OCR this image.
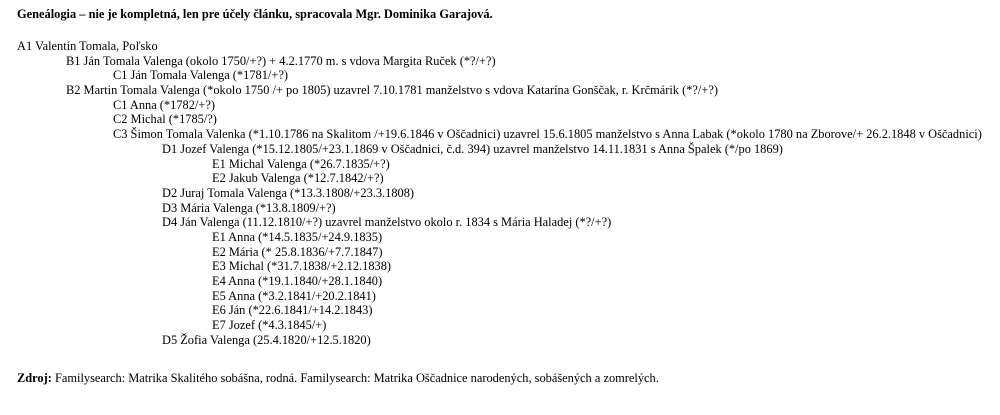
Geneálogia – nie je kompletná, len pre účely článku, spracovala Mgr. Dominika Garajová.
A1 Valentín Tomala, Poľsko
B1 Ján Tomala Valenga (okolo 1750/+?) + 4.2.1770 m. s vdova Margita Ruček (*?/+?)
C1 Ján Tomala Valenga (*1781/+?)
B2 Martin Tomala Valenga (*okolo 1750 /+ po 1805) uzavrel 7.10.1781 manželstvo s vdova Katarína Gonščak, r. Krčmárik (*?/+?)
C1 Anna (*1782/+?)
C2 Michal (*1785/?)
C3 Šimon Tomala Valenka (*1.10.1786 na Skalitom /+19.6.1846 v Oščadnici) uzavrel 15.6.1805 manželstvo s Anna Labak (*okolo 1780 na Zborove/+ 26.2.1848 v Oščadnici)
D1 Jozef Valenga (*15.12.1805/+23.1.1869 v Oščadnici, č.d. 394) uzavrel manželstvo 14.11.1831 s Anna Špalek (*/po 1869)
E1 Michal Valenga (*26.7.1835/+?)
E2 Jakub Valenga (*12.7.1842/+?)
D2 Juraj Tomala Valenga (*13.3.1808/+23.3.1808)
D3 Mária Valenga (*13.8.1809/+?)
D4 Ján Valenga (11.12.1810/+?) uzavrel manželstvo okolo r. 1834 s Mária Haladej (*?/+?)
E1 Anna (*14.5.1835/+24.9.1835)
E2 Mária (* 25.8.1836/+7.7.1847)
E3 Michal (*31.7.1838/+2.12.1838)
E4 Anna (*19.1.1840/+28.1.1840)
E5 Anna (*3.2.1841/+20.2.1841)
E6 Ján (*22.6.1841/+14.2.1843)
E7 Jozef (*4.3.1845/+)
D5 Žofia Valenga (25.4.1820/+12.5.1820)
Zdroj: Familysearch: Matrika Skalitého sobášna, rodná. Familysearch: Matrika Oščadnice narodených, sobášených a zomrelých.
